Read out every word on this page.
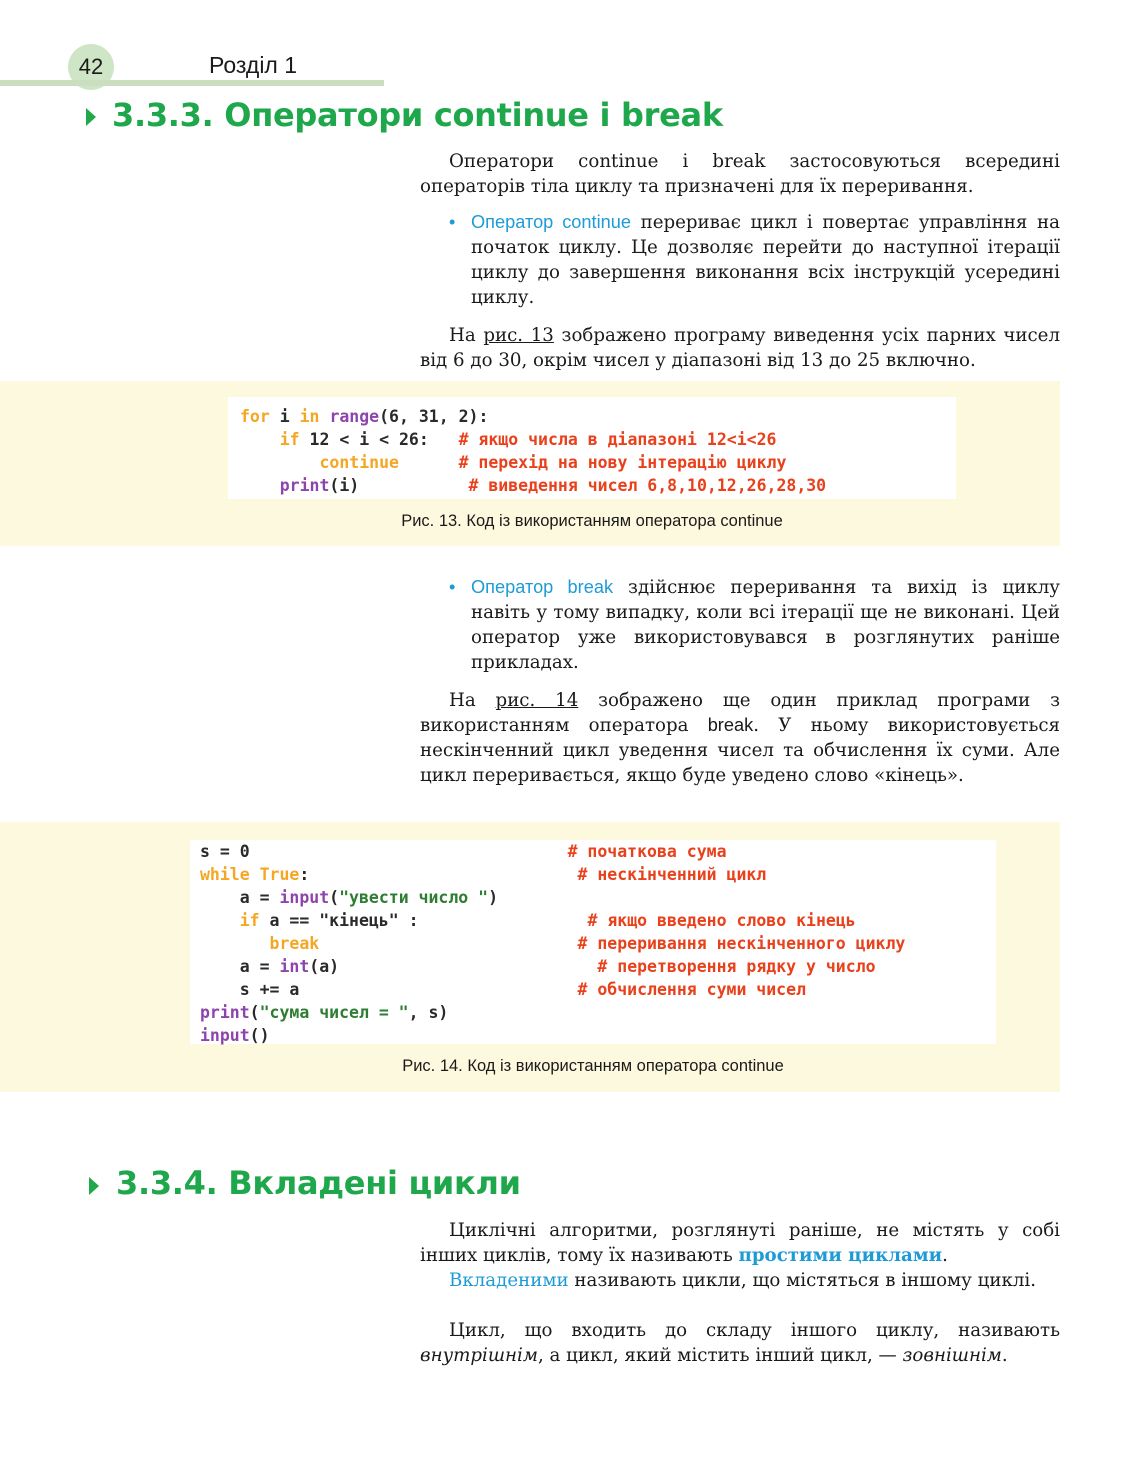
42	Розділ 1
3.3.3. Оператори continue і break
Оператори continue і break застосовуються всередині операторів тіла циклу та призначені для їх переривання.
• Оператор continue перериває цикл і повертає управління на початок циклу. Це дозволяє перейти до наступної ітерації циклу до завершення виконання всіх інструкцій усередині циклу.
На рис. 13 зображено програму виведення усіх парних чисел від 6 до 30, окрім чисел у діапазоні від 13 до 25 включно.
for i in range(6, 31, 2):
if 12 < i < 26:   # якщо числа в діапазоні 12<i<26
continue	# перехід на нову інтерацію циклу
print(i)           # виведення чисел 6,8,10,12,26,28,30
Рис. 13. Код із використанням оператора continue
• Оператор break здійснює переривання та вихід із циклу навіть у тому випадку, коли всі ітерації ще не виконані. Цей оператор уже використовувався в розглянутих раніше прикладах.
На рис. 14 зображено ще один приклад програми з використанням оператора break. У ньому використовується нескінченний цикл уведення чисел та обчислення їх суми. Але цикл переривається, якщо буде уведено слово «кінець».
s = 0	# початкова сума
while True:	# нескінченний цикл
a = input("увести число ")
if a == "кінець" :	# якщо введено слово кінець
break	# переривання нескінченного циклу
a = int(a)	# перетворення рядку у число
s += a	# обчислення суми чисел
print("сума чисел = ", s)
input()
Рис. 14. Код із використанням оператора continue
3.3.4. Вкладені цикли
Циклічні алгоритми, розглянуті раніше, не містять у собі інших циклів, тому їх називають простими циклами.
Вкладеними називають цикли, що містяться в іншому циклі.
Цикл, що входить до складу іншого циклу, називають внутрішнім, а цикл, який містить інший цикл, — зовнішнім.
